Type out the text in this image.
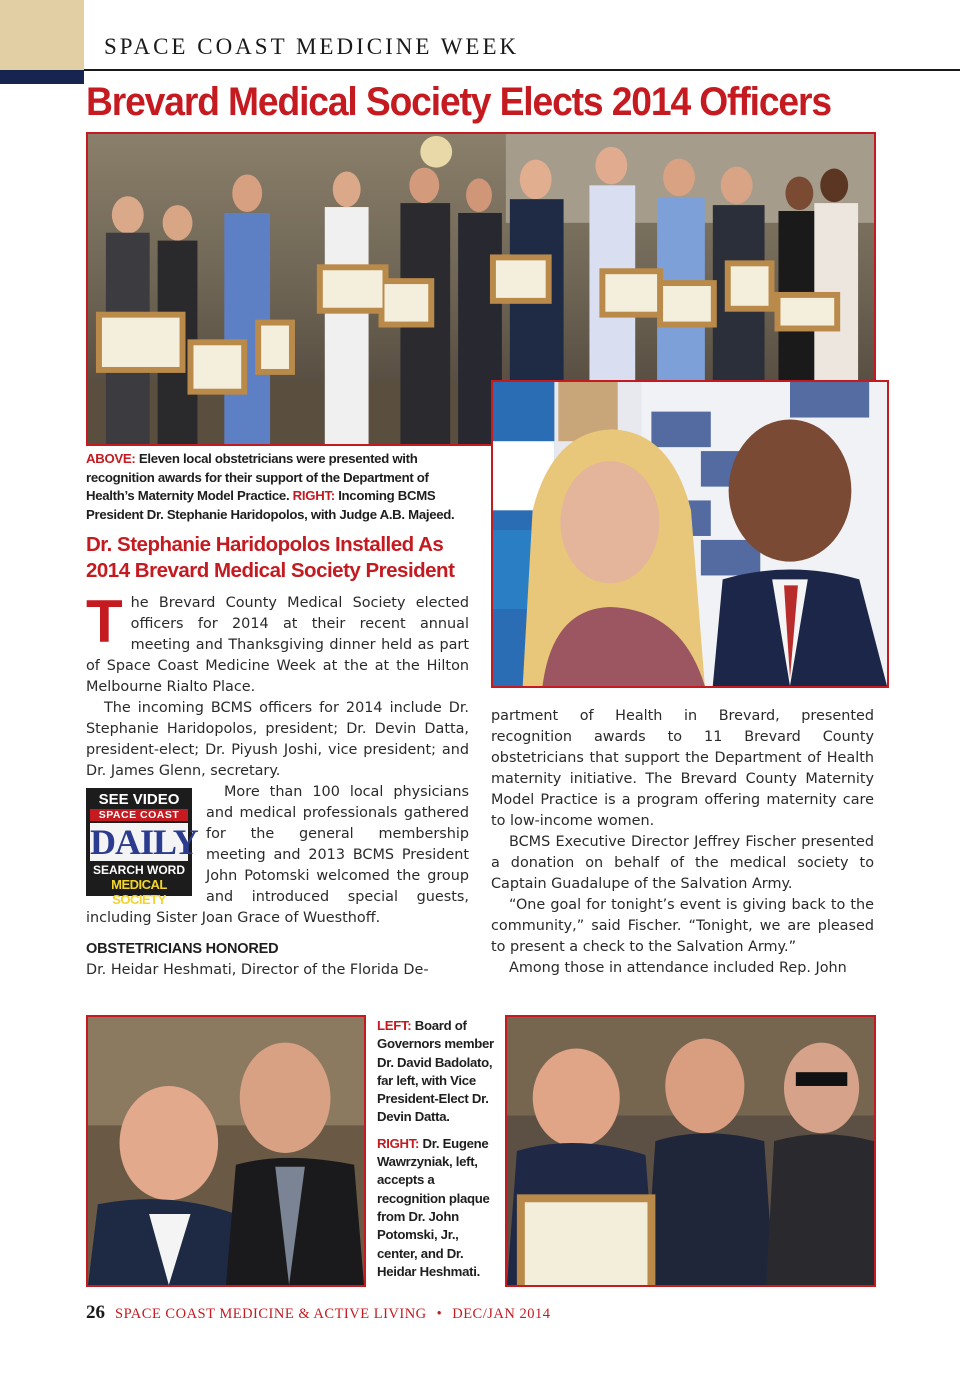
SPACE COAST MEDICINE WEEK
Brevard Medical Society Elects 2014 Officers
ABOVE: Eleven local obstetricians were presented with recognition awards for their support of the Department of Health’s Maternity Model Practice. RIGHT: Incoming BCMS President Dr. Stephanie Haridopolos, with Judge A.B. Majeed.
Dr. Stephanie Haridopolos Installed As 2014 Brevard Medical Society President

The Brevard County Medical Society elected officers for 2014 at their recent annual meeting and Thanksgiving dinner held as part of Space Coast Medicine Week at the at the Hilton Melbourne Rialto Place.

The incoming BCMS officers for 2014 include Dr. Stephanie Haridopolos, president; Dr. Devin Datta, president-elect; Dr. Piyush Joshi, vice president; and Dr. James Glenn, secretary.

SEE VIDEO
SPACE COAST
DAILY
SEARCH WORD
MEDICAL SOCIETY

More than 100 local physicians and medical professionals gathered for the general membership meeting and 2013 BCMS President John Potomski welcomed the group and introduced special guests, including Sister Joan Grace of Wuesthoff.

OBSTETRICIANS HONORED

Dr. Heidar Heshmati, Director of the Florida De-

partment of Health in Brevard, presented recognition awards to 11 Brevard County obstetricians that support the Department of Health maternity initiative. The Brevard County Maternity Model Practice is a program offering maternity care to low-income women.

BCMS Executive Director Jeffrey Fischer presented a donation on behalf of the medical society to Captain Guadalupe of the Salvation Army.

“One goal for tonight’s event is giving back to the community,” said Fischer. “Tonight, we are pleased to present a check to the Salvation Army.”

Among those in attendance included Rep. John

LEFT: Board of Governors member Dr. David Badolato, far left, with Vice President-Elect Dr. Devin Datta.
RIGHT: Dr. Eugene Wawrzyniak, left, accepts a recognition plaque from Dr. John Potomski, Jr., center, and Dr. Heidar Heshmati.
26 SPACE COAST MEDICINE & ACTIVE LIVING • DEC/JAN 2014
